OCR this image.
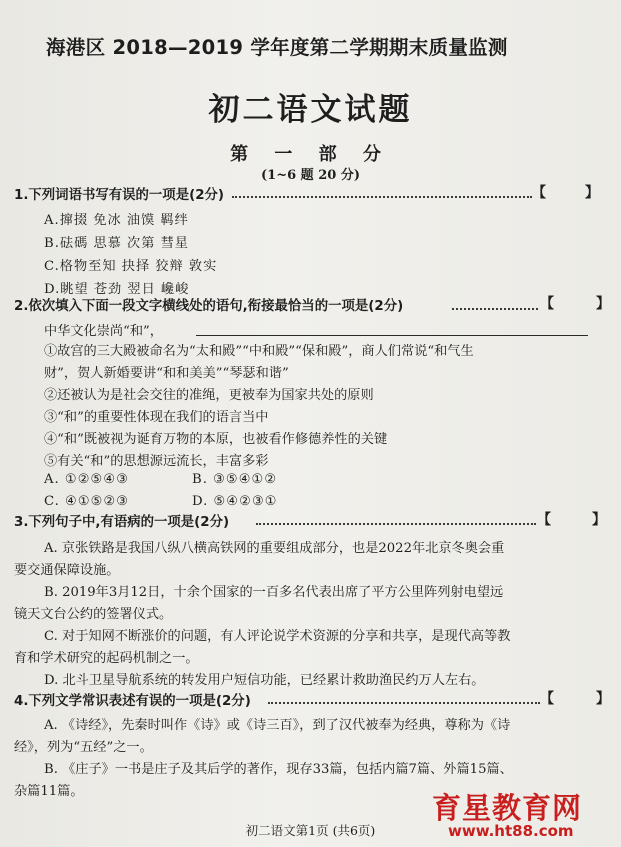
海港区 2018—2019 学年度第二学期期末质量监测
初二语文试题
第 一 部 分
(1~6 题 20 分)
1.下列词语书写有误的一项是(2分)	【	】
A.撺掇 免冰 油馍 羁绊
B.砝碼 思慕 次第 彗星
C.格物至知 抉择 狡辩 敦实
D.眺望 苍劲 翌日 巉峻
2.依次填入下面一段文字横线处的语句,衔接最恰当的一项是(2分)	【	】
中华文化崇尚“和”，
①故宫的三大殿被命名为“太和殿”“中和殿”“保和殿”，商人们常说“和气生
财”，贺人新婚要讲“和和美美”“琴瑟和谐”
②还被认为是社会交往的准绳，更被奉为国家共处的原则
③“和”的重要性体现在我们的语言当中
④“和”既被视为诞育万物的本原，也被看作修德养性的关键
⑤有关“和”的思想源远流长，丰富多彩
A. ①②⑤④③	B. ③⑤④①②
C. ④①⑤②③	D. ⑤④②③①
3.下列句子中,有语病的一项是(2分)	【	】
A. 京张铁路是我国八纵八横高铁网的重要组成部分，也是2022年北京冬奥会重
要交通保障设施。
B. 2019年3月12日，十余个国家的一百多名代表出席了平方公里阵列射电望远
镜天文台公约的签署仪式。
C. 对于知网不断涨价的问题，有人评论说学术资源的分享和共享，是现代高等教
育和学术研究的起码机制之一。
D. 北斗卫星导航系统的转发用户短信功能，已经累计救助渔民约万人左右。
4.下列文学常识表述有误的一项是(2分)	【	】
A. 《诗经》，先秦时叫作《诗》或《诗三百》，到了汉代被奉为经典，尊称为《诗
经》，列为“五经”之一。
B. 《庄子》一书是庄子及其后学的著作，现存33篇，包括内篇7篇、外篇15篇、
杂篇11篇。
初二语文第1页 (共6页)
育星教育网
www.ht88.com
